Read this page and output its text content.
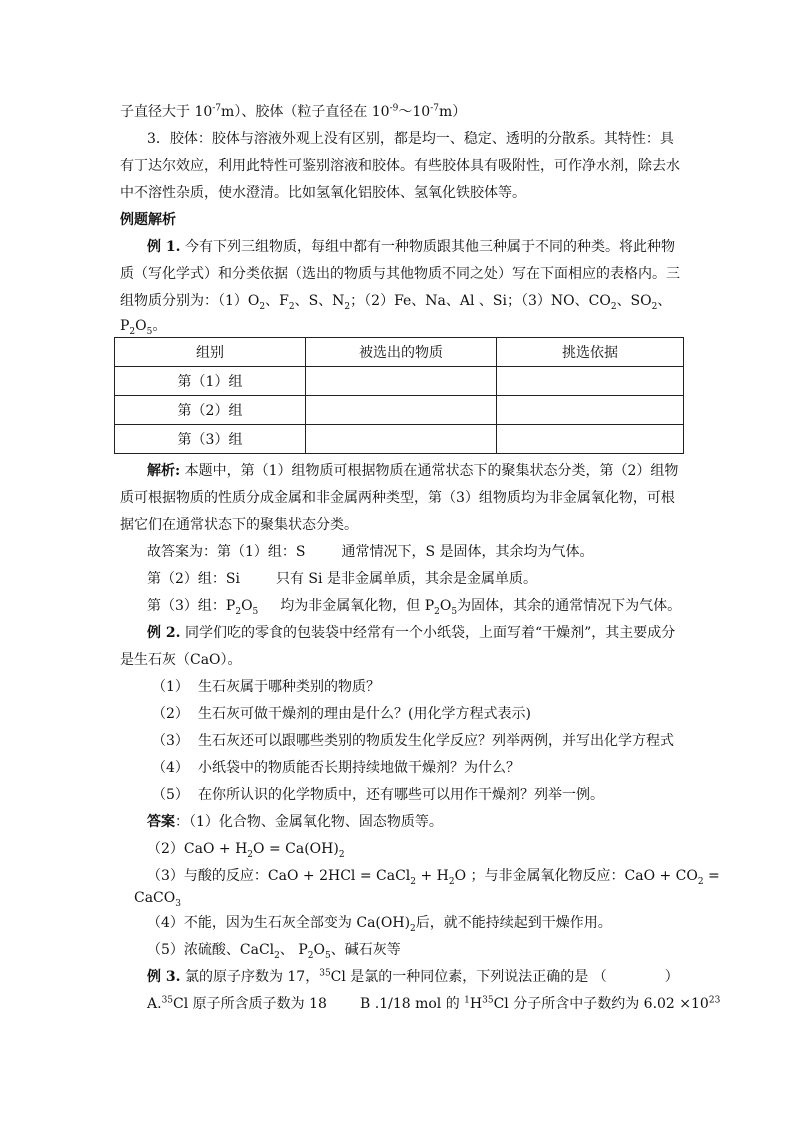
子直径大于 $10^{-7}m$）、胶体（粒子直径在 $10^{-9}\sim 10^{-7}m$）
3．胶体：胶体与溶液外观上没有区别，都是均一、稳定、透明的分散系。其特性：具
有丁达尔效应，利用此特性可鉴别溶液和胶体。有些胶体具有吸附性，可作净水剂，除去水
中不溶性杂质，使水澄清。比如氢氧化铝胶体、氢氧化铁胶体等。
例题解析
例 1. 今有下列三组物质，每组中都有一种物质跟其他三种属于不同的种类。将此种物
质（写化学式）和分类依据（选出的物质与其他物质不同之处）写在下面相应的表格内。三
组物质分别为：$(1)O_2$、$F_2$、S、$N_2$；（2）Fe、Na、Al 、Si；（3）NO、$CO_2$、$SO_2$、
$P_2O_5$。
组别	被选出的物质	挑选依据
第（1）组		
第（2）组		
第（3）组		
解析: 本题中，第（1）组物质可根据物质在通常状态下的聚集状态分类，第（2）组物
质可根据物质的性质分成金属和非金属两种类型，第（3）组物质均为非金属氧化物，可根
据它们在通常状态下的聚集状态分类。
故答案为：第（1）组：S	通常情况下，S 是固体，其余均为气体。
第（2）组：Si	只有 Si 是非金属单质，其余是金属单质。
第（3）组：$P_2O_5$ 均为非金属氧化物，但 $P_2O_5$为固体，其余的通常情况下为气体。
例 2. 同学们吃的零食的包装袋中经常有一个小纸袋，上面写着“干燥剂”，其主要成分
是生石灰（CaO）。
（1） 生石灰属于哪种类别的物质？
（2） 生石灰可做干燥剂的理由是什么？(用化学方程式表示)
（3） 生石灰还可以跟哪些类别的物质发生化学反应？列举两例，并写出化学方程式
（4） 小纸袋中的物质能否长期持续地做干燥剂？为什么？
（5） 在你所认识的化学物质中，还有哪些可以用作干燥剂？列举一例。
答案：（1）化合物、金属氧化物、固态物质等。
$(2)CaO + H_2O = Ca(OH)_2$
（3）与酸的反应：CaO + 2HCl = CaCl$_2$ + $H_2O$ ；与非金属氧化物反应：CaO + $CO_2$ =
CaCO$_3$
（4）不能，因为生石灰全部变为 $Ca(OH)_2$后，就不能持续起到干燥作用。
（5）浓硫酸、CaCl$_2$、 $P_2O_5$、碱石灰等
例 3. 氯的原子序数为 17，$^{35}$Cl 是氯的一种同位素，下列说法正确的是 （	）
A.$^{35}$Cl 原子所含质子数为 18 B .1/18 mol 的 $^1H^{35}Cl$ 分子所含中子数约为 $6.02 \times 10^{23}$
